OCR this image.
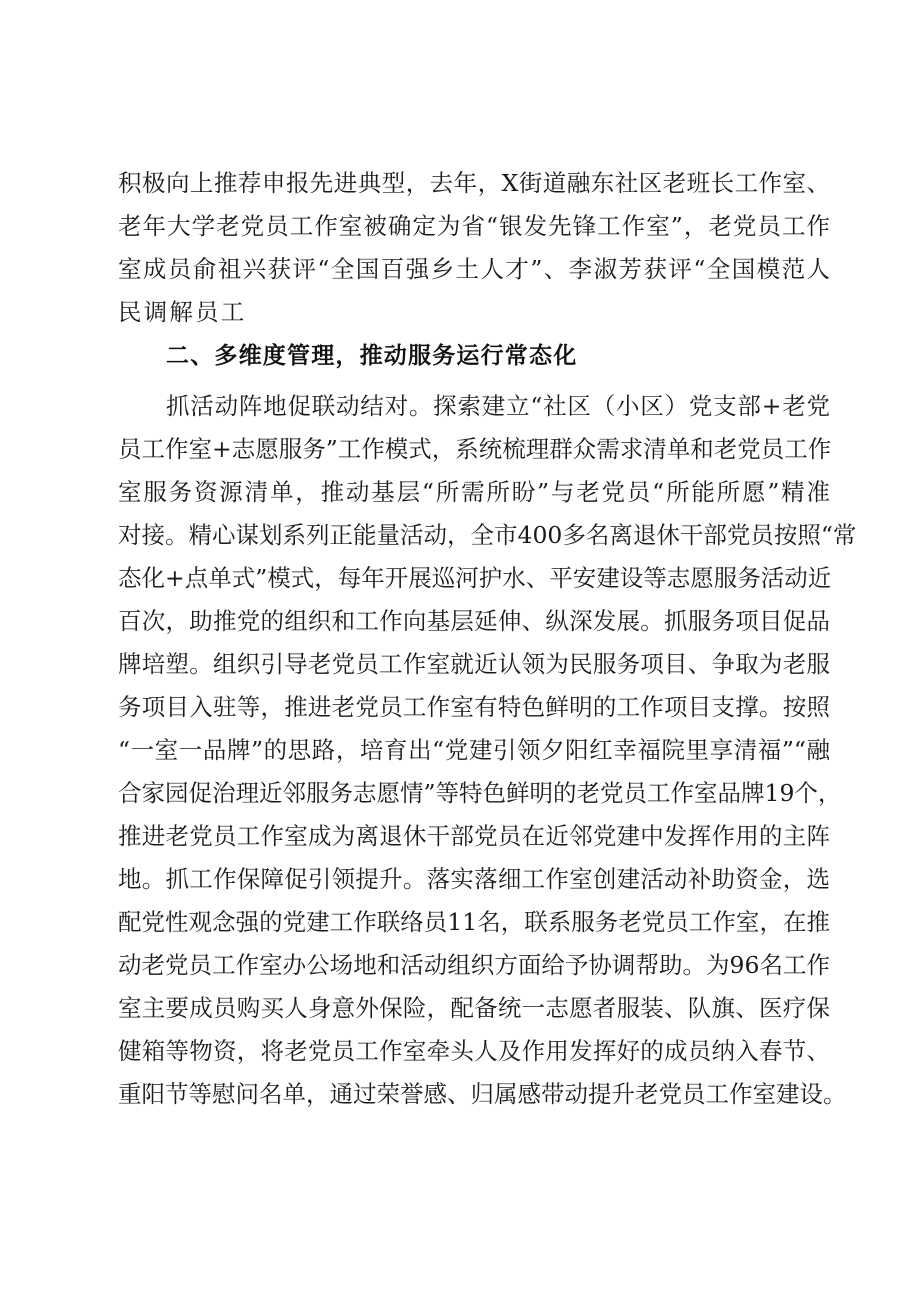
积极向上推荐申报先进典型，去年，X街道融东社区老班长工作室、
老年大学老党员工作室被确定为省“银发先锋工作室”，老党员工作
室成员俞祖兴获评“全国百强乡土人才”、李淑芳获评“全国模范人
民调解员工
二、多维度管理，推动服务运行常态化
抓活动阵地促联动结对。探索建立“社区（小区）党支部+老党
员工作室+志愿服务”工作模式，系统梳理群众需求清单和老党员工作
室服务资源清单，推动基层“所需所盼”与老党员“所能所愿”精准
对接。精心谋划系列正能量活动，全市400多名离退休干部党员按照“常
态化+点单式”模式，每年开展巡河护水、平安建设等志愿服务活动近
百次，助推党的组织和工作向基层延伸、纵深发展。抓服务项目促品
牌培塑。组织引导老党员工作室就近认领为民服务项目、争取为老服
务项目入驻等，推进老党员工作室有特色鲜明的工作项目支撑。按照
“一室一品牌”的思路，培育出“党建引领夕阳红幸福院里享清福”“融
合家园促治理近邻服务志愿情”等特色鲜明的老党员工作室品牌19个，
推进老党员工作室成为离退休干部党员在近邻党建中发挥作用的主阵
地。抓工作保障促引领提升。落实落细工作室创建活动补助资金，选
配党性观念强的党建工作联络员11名，联系服务老党员工作室，在推
动老党员工作室办公场地和活动组织方面给予协调帮助。为96名工作
室主要成员购买人身意外保险，配备统一志愿者服装、队旗、医疗保
健箱等物资，将老党员工作室牵头人及作用发挥好的成员纳入春节、
重阳节等慰问名单，通过荣誉感、归属感带动提升老党员工作室建设。
